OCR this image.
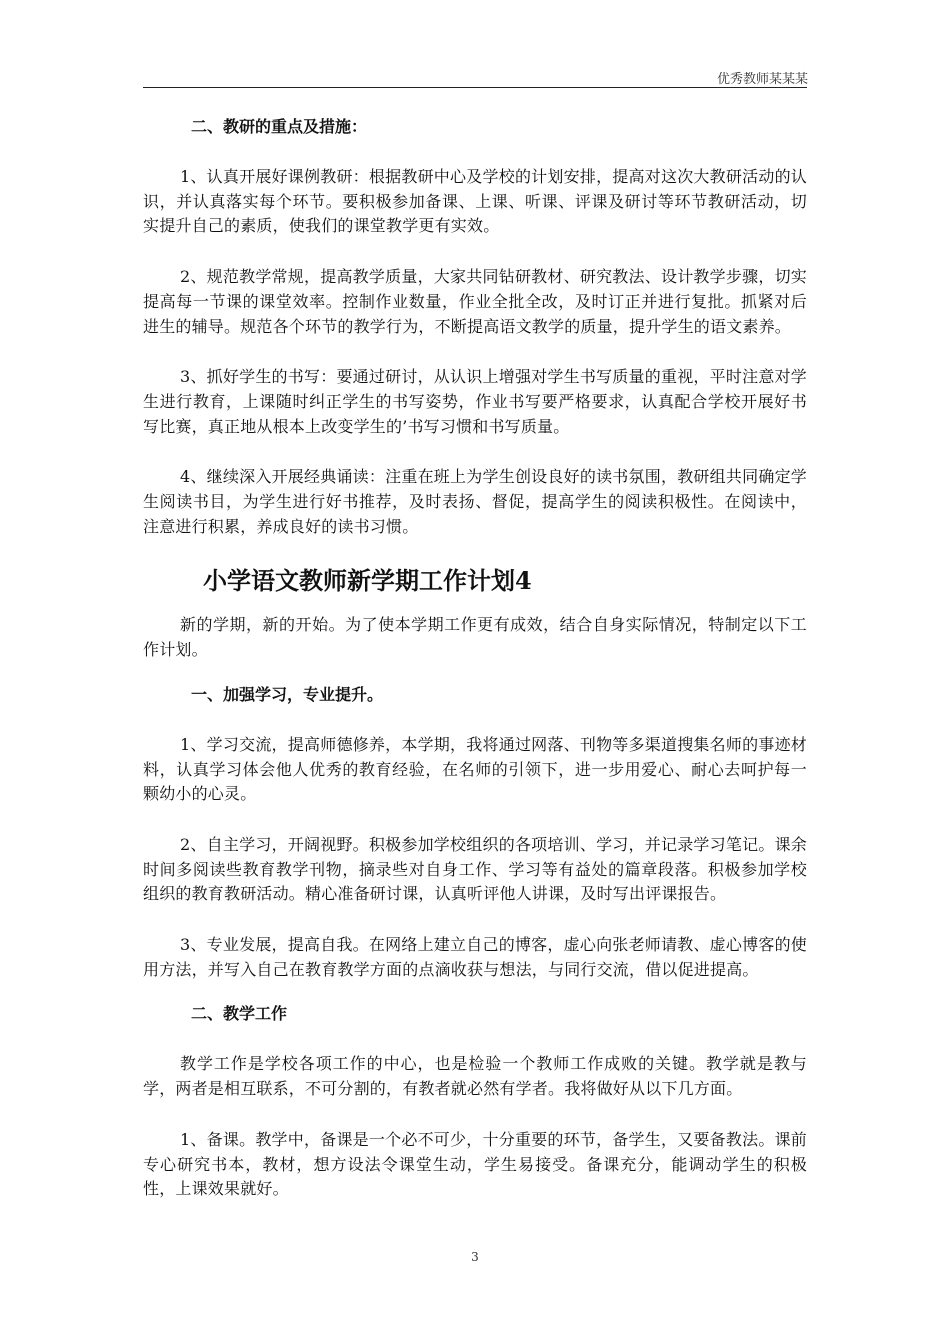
优秀教师某某某

二、教研的重点及措施：

1、认真开展好课例教研：根据教研中心及学校的计划安排，提高对这次大教研活动的认识，并认真落实每个环节。要积极参加备课、上课、听课、评课及研讨等环节教研活动，切实提升自己的素质，使我们的课堂教学更有实效。

2、规范教学常规，提高教学质量，大家共同钻研教材、研究教法、设计教学步骤，切实提高每一节课的课堂效率。控制作业数量，作业全批全改，及时订正并进行复批。抓紧对后进生的辅导。规范各个环节的教学行为，不断提高语文教学的质量，提升学生的语文素养。

3、抓好学生的书写：要通过研讨，从认识上增强对学生书写质量的重视，平时注意对学生进行教育，上课随时纠正学生的书写姿势，作业书写要严格要求，认真配合学校开展好书写比赛，真正地从根本上改变学生的’书写习惯和书写质量。

4、继续深入开展经典诵读：注重在班上为学生创设良好的读书氛围，教研组共同确定学生阅读书目，为学生进行好书推荐，及时表扬、督促，提高学生的阅读积极性。在阅读中，注意进行积累，养成良好的读书习惯。

小学语文教师新学期工作计划4

新的学期，新的开始。为了使本学期工作更有成效，结合自身实际情况，特制定以下工作计划。

一、加强学习，专业提升。

1、学习交流，提高师德修养，本学期，我将通过网落、刊物等多渠道搜集名师的事迹材料，认真学习体会他人优秀的教育经验，在名师的引领下，进一步用爱心、耐心去呵护每一颗幼小的心灵。

2、自主学习，开阔视野。积极参加学校组织的各项培训、学习，并记录学习笔记。课余时间多阅读些教育教学刊物，摘录些对自身工作、学习等有益处的篇章段落。积极参加学校组织的教育教研活动。精心准备研讨课，认真听评他人讲课，及时写出评课报告。

3、专业发展，提高自我。在网络上建立自己的博客，虚心向张老师请教、虚心博客的使用方法，并写入自己在教育教学方面的点滴收获与想法，与同行交流，借以促进提高。

二、教学工作

教学工作是学校各项工作的中心，也是检验一个教师工作成败的关键。教学就是教与学，两者是相互联系，不可分割的，有教者就必然有学者。我将做好从以下几方面。

1、备课。教学中，备课是一个必不可少，十分重要的环节，备学生，又要备教法。课前专心研究书本，教材，想方设法令课堂生动，学生易接受。备课充分，能调动学生的积极性，上课效果就好。

3
